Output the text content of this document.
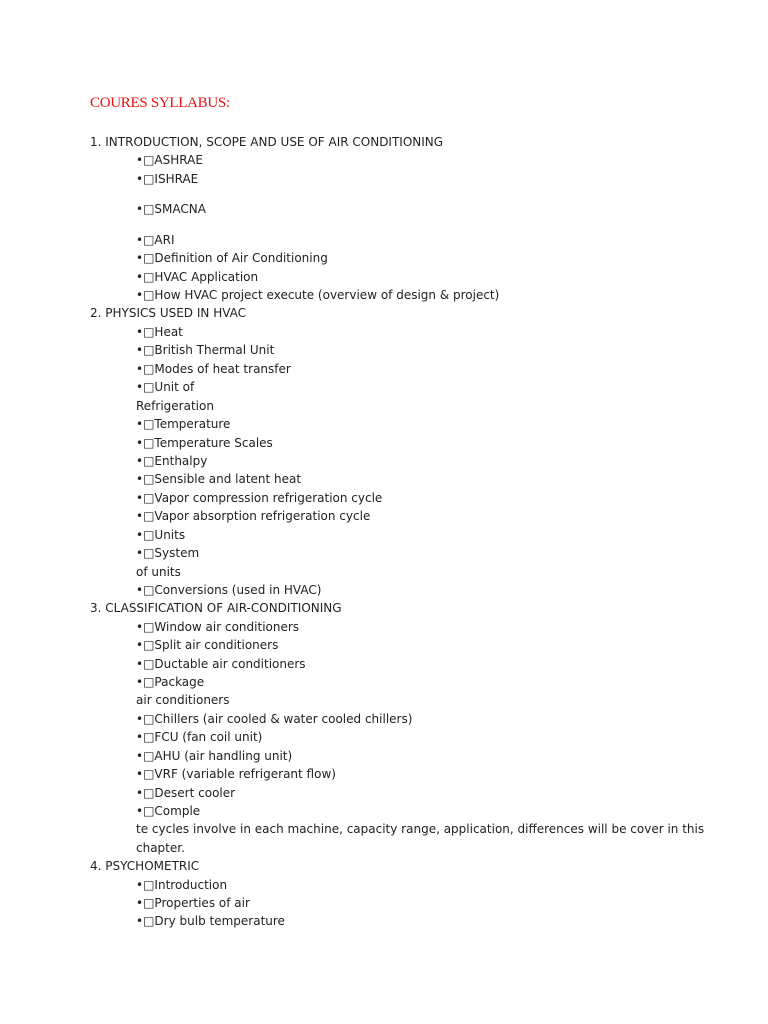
COURES SYLLABUS:
1. INTRODUCTION, SCOPE AND USE OF AIR CONDITIONING
•□ASHRAE
•□ISHRAE
•□SMACNA
•□ARI
•□Definition of Air Conditioning
•□HVAC Application
•□How HVAC project execute (overview of design & project)
2. PHYSICS USED IN HVAC
•□Heat
•□British Thermal Unit
•□Modes of heat transfer
•□Unit of
Refrigeration
•□Temperature
•□Temperature Scales
•□Enthalpy
•□Sensible and latent heat
•□Vapor compression refrigeration cycle
•□Vapor absorption refrigeration cycle
•□Units
•□System
of units
•□Conversions (used in HVAC)
3. CLASSIFICATION OF AIR-CONDITIONING
•□Window air conditioners
•□Split air conditioners
•□Ductable air conditioners
•□Package
air conditioners
•□Chillers (air cooled & water cooled chillers)
•□FCU (fan coil unit)
•□AHU (air handling unit)
•□VRF (variable refrigerant flow)
•□Desert cooler
•□Comple
te cycles involve in each machine, capacity range, application, differences will be cover in this
chapter.
4. PSYCHOMETRIC
•□Introduction
•□Properties of air
•□Dry bulb temperature
